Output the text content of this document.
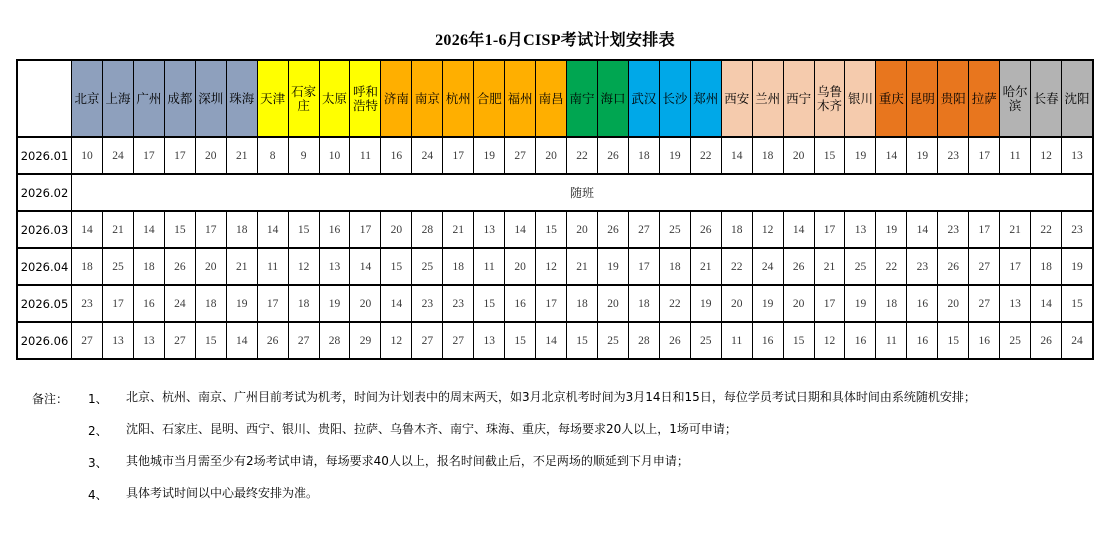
2026年1-6月CISP考试计划安排表

	北京	上海	广州	成都	深圳	珠海	天津	石家庄	太原	呼和浩特	济南	南京	杭州	合肥	福州	南昌	南宁	海口	武汉	长沙	郑州	西安	兰州	西宁	乌鲁木齐	银川	重庆	昆明	贵阳	拉萨	哈尔滨	长春	沈阳

2026.01	10	24	17	17	20	21	8	9	10	11	16	24	17	19	27	20	22	26	18	19	22	14	18	20	15	19	14	19	23	17	11	12	13
2026.02	随班																																
2026.03	14	21	14	15	17	18	14	15	16	17	20	28	21	13	14	15	20	26	27	25	26	18	12	14	17	13	19	14	23	17	21	22	23
2026.04	18	25	18	26	20	21	11	12	13	14	15	25	18	11	20	12	21	19	17	18	21	22	24	26	21	25	22	23	26	27	17	18	19
2026.05	23	17	16	24	18	19	17	18	19	20	14	23	23	15	16	17	18	20	18	22	19	20	19	20	17	19	18	16	20	27	13	14	15
2026.06	27	13	13	27	15	14	26	27	28	29	12	27	27	13	15	14	15	25	28	26	25	11	16	15	12	16	11	16	15	16	25	26	24
备注：	1、	北京、杭州、南京、广州目前考试为机考，时间为计划表中的周末两天，如3月北京机考时间为3月14日和15日，每位学员考试日期和具体时间由系统随机安排；
2、	沈阳、石家庄、昆明、西宁、银川、贵阳、拉萨、乌鲁木齐、南宁、珠海、重庆，每场要求20人以上，1场可申请；
3、	其他城市当月需至少有2场考试申请，每场要求40人以上，报名时间截止后，不足两场的顺延到下月申请；
4、	具体考试时间以中心最终安排为准。
